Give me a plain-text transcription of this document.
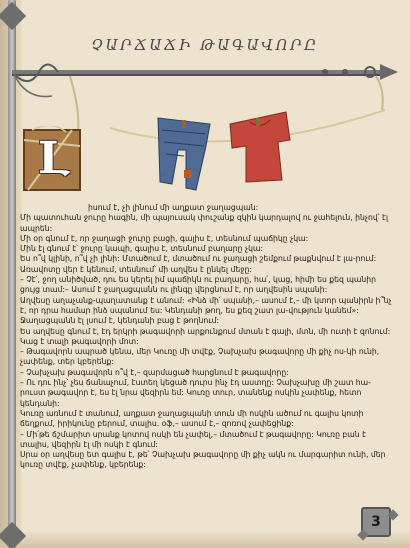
ՉԱՐՃԱՃԻ ԹԱԳԱՎՈՐԸ
Լ

իսում է, չի լինում մի աղքատ ջաղացպան:

Մի պատուհան ջուրը հագին, մի պայուսակ փուշանք զկին կարդալով ու ջահելուն, ինչով՝ էլ ապրեն:

Մի օր գնում է, որ ջաղացի ջուրը բացի, գալիս է, տեսնում պաճիկը չկա:

Մին էլ գնում է՝ ջուրը կապի, գալիս է, տեսնում բաղարը չկա:

Ես ո՞վ կլինի, ո՞վ չի լինի: Մտածում է, մտածում ու ջաղացի շեմքում թաքնվում է լա-րում: Առավոտը վեր է կենում, տեսնում՝ մի աղվես է ընկել մեջը:

– Չէ՛, ջող անիծված, դու ես կերել իմ պաճիկն ու բաղարը, հա՛, կաց, հիմի ես քեզ պանիր ցույց տամ:– Ասում է ջաղացպանն ու լինգը վերցնում է, որ աղվեսին սպանի:

Աղվեսը աղաչանք-պաղատանք է անում: «Ինձ մի՛ սպանի,– ասում է,– մի կտոր պանիրն ի՞նչ է, որ դրա համար ինձ սպանում ես: Կենդանի թող, ես քեզ շատ լա-վություն կանեմ»:

Ջաղացպանն էլ լսում է, կենդանի բաց է թողնում:

Ես աղվեսը գնում է, էդ երկրի թագավորի արքունքում մտան է գալի, մտն, մի ուտի է զոնում: Կաց է տալի թագավորի մոտ:

– Թագավորն ապրած կենա, մեր Կուռը մի տվէք, Չախչախ թագավորը մի քիչ ոս-կի ունի, չափենք, տեր կբերենք:

– Չախչախ թագավորն ո՞վ է,– զարմացած հարցնում է թագավորը:

– Ու դու ինչ՝ չես ճանաչում, էստեղ կեցած դուրս ինչ էդ աստղը: Չախչախը մի շատ հա-րուստ թագավոր է, ես էլ նրա վեզիրն եմ: Կուռը տուր, տանենք ոսկին չափենք, հետո կենդանի:

Կուռը առնում է տանում, աղքատ ջաղացպանի տուն մի ոսկին ածում ու գալիս կոտի ճեղքում, իրիկունը բերում, տալիս. օֆ,– ասում է,– զոռով չափեցինք:

– Մի՛թե ճշմարիտ սրանք կոտով ոսկի են չափել,– մտածում է թագավորը: Կուռը բան է տալիս, վեզիրն էլ մի ոսկի է գնում:

Սրա օր աղվեսը ետ գալիս է, թե՝ Չախչախ թագավորը մի քիչ ակն ու մարգարիտ ունի, մեր կուռը տվէք, չափենք, կբերենք:

3
